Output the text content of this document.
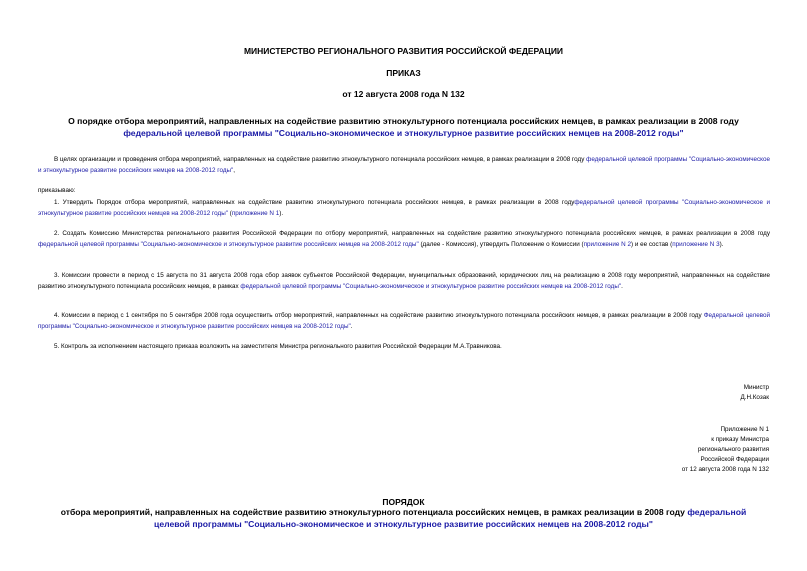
МИНИСТЕРСТВО РЕГИОНАЛЬНОГО РАЗВИТИЯ РОССИЙСКОЙ ФЕДЕРАЦИИ
ПРИКАЗ
от 12 августа 2008 года N 132
О порядке отбора мероприятий, направленных на содействие развитию этнокультурного потенциала российских немцев, в рамках реализации в 2008 году
федеральной целевой программы "Социально-экономическое и этнокультурное развитие российских немцев на 2008-2012 годы"
В целях организации и проведения отбора мероприятий, направленных на содействие развитию этнокультурного потенциала российских немцев, в рамках реализации в 2008 году федеральной целевой программы "Социально-экономическое и этнокультурное развитие российских немцев на 2008-2012 годы",
приказываю:
1. Утвердить Порядок отбора мероприятий, направленных на содействие развитию этнокультурного потенциала российских немцев, в рамках реализации в 2008 годуфедеральной целевой программы "Социально-экономическое и этнокультурное развитие российских немцев на 2008-2012 годы" (приложение N 1).
2. Создать Комиссию Министерства регионального развития Российской Федерации по отбору мероприятий, направленных на содействие развитию этнокультурного потенциала российских немцев, в рамках реализации в 2008 году федеральной целевой программы "Социально-экономическое и этнокультурное развитие российских немцев на 2008-2012 годы" (далее - Комиссия), утвердить Положение о Комиссии (приложение N 2) и ее состав (приложение N 3).
3. Комиссии провести в период с 15 августа по 31 августа 2008 года сбор заявок субъектов Российской Федерации, муниципальных образований, юридических лиц на реализацию в 2008 году мероприятий, направленных на содействие развитию этнокультурного потенциала российских немцев, в рамках федеральной целевой программы "Социально-экономическое и этнокультурное развитие российских немцев на 2008-2012 годы".
4. Комиссии в период с 1 сентября по 5 сентября 2008 года осуществить отбор мероприятий, направленных на содействие развитию этнокультурного потенциала российских немцев, в рамках реализации в 2008 году Федеральной целевой программы "Социально-экономическое и этнокультурное развитие российских немцев на 2008-2012 годы".
5. Контроль за исполнением настоящего приказа возложить на заместителя Министра регионального развития Российской Федерации М.А.Травникова.
Министр
Д.Н.Козак
Приложение N 1
к приказу Министра
регионального развития
Российской Федерации
от 12 августа 2008 года N 132
ПОРЯДОК
отбора мероприятий, направленных на содействие развитию этнокультурного потенциала российских немцев, в рамках реализации в 2008 году федеральной
целевой программы "Социально-экономическое и этнокультурное развитие российских немцев на 2008-2012 годы"
